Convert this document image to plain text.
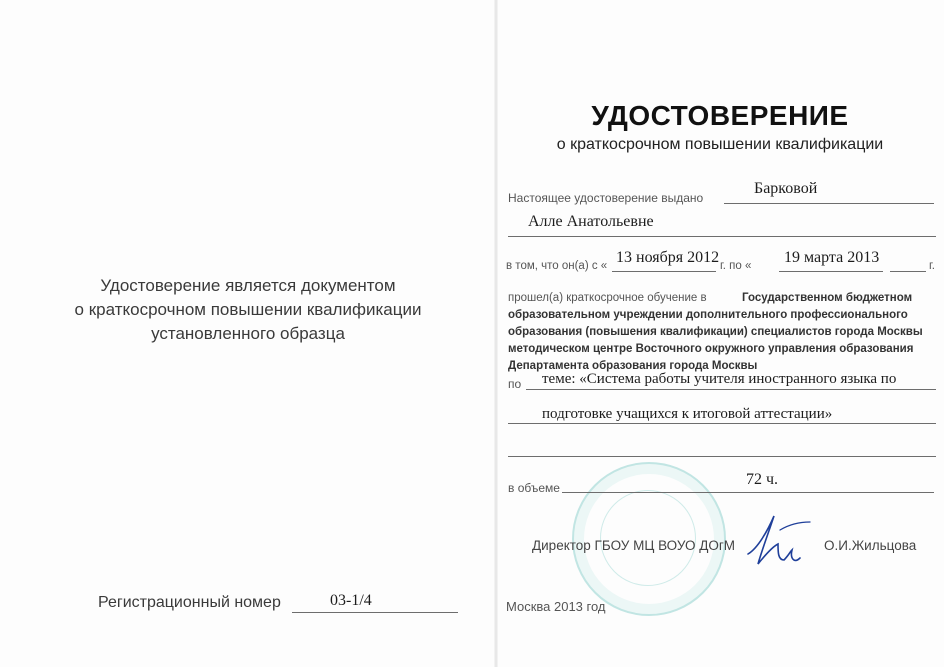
Удостоверение является документом
о краткосрочном повышении квалификации
установленного образца
Регистрационный номер	03-1/4
УДОСТОВЕРЕНИЕ
о краткосрочном повышении квалификации
Настоящее удостоверение выдано
Барковой
Алле Анатольевне
в том, что он(а) с « 13 ноября 2012 г. по « 19 марта 2013	г.
прошел(а) краткосрочное обучение в	Государственном бюджетном
образовательном учреждении дополнительного профессионального
образования (повышения квалификации) специалистов города Москвы
методическом центре Восточного окружного управления образования
Департамента образования города Москвы
по теме: «Система работы учителя иностранного языка по
подготовке учащихся к итоговой аттестации»
в объеме	72 ч.
Директор ГБОУ МЦ ВОУО ДОгМ	О.И.Жильцова
Москва 2013 год
